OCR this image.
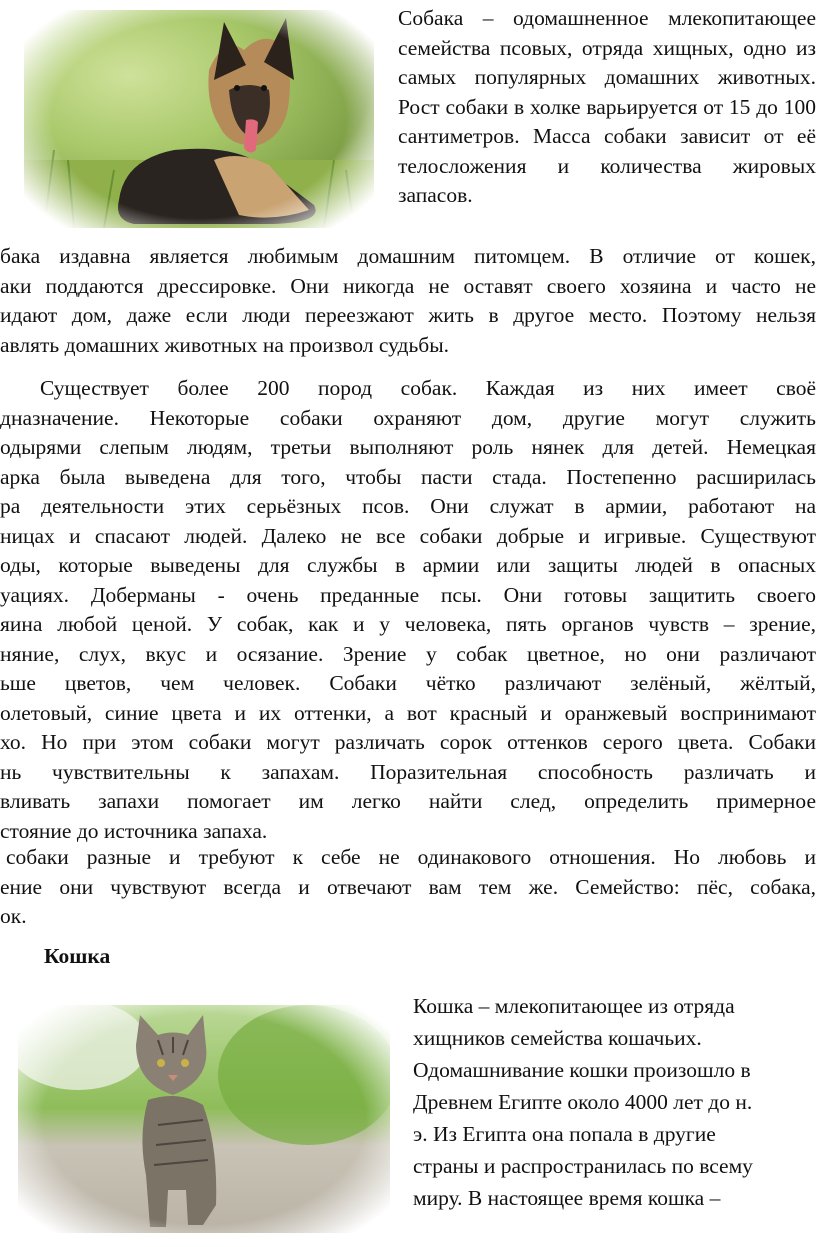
Собака – одомашненное млекопитающее семейства псовых, отряда хищных, одно из самых популярных домашних животных. Рост собаки в холке варьируется от 15 до 100 сантиметров. Масса собаки зависит от её телосложения и количества жировых запасов.

бака издавна является любимым домашним питомцем. В отличие от кошек,
аки поддаются дрессировке. Они никогда не оставят своего хозяина и часто не
идают дом, даже если люди переезжают жить в другое место. Поэтому нельзя
авлять домашних животных на произвол судьбы.
Существует более 200 пород собак. Каждая из них имеет своё
дназначение. Некоторые собаки охраняют дом, другие могут служить
одырями слепым людям, третьи выполняют роль нянек для детей. Немецкая
арка была выведена для того, чтобы пасти стада. Постепенно расширилась
ра деятельности этих серьёзных псов. Они служат в армии, работают на
ницах и спасают людей. Далеко не все собаки добрые и игривые. Существуют
оды, которые выведены для службы в армии или защиты людей в опасных
уациях. Доберманы - очень преданные псы. Они готовы защитить своего
яина любой ценой. У собак, как и у человека, пять органов чувств – зрение,
няние, слух, вкус и осязание. Зрение у собак цветное, но они различают
ьше цветов, чем человек. Собаки чётко различают зелёный, жёлтый,
олетовый, синие цвета и их оттенки, а вот красный и оранжевый воспринимают
хо. Но при этом собаки могут различать сорок оттенков серого цвета. Собаки
нь чувствительны к запахам. Поразительная способность различать и
вливать запахи помогает им легко найти след, определить примерное
стояние до источника запаха.
собаки разные и требуют к себе не одинакового отношения. Но любовь и
ение они чувствуют всегда и отвечают вам тем же. Семейство: пёс, собака,
ок.
Кошка
Кошка – млекопитающее из отряда
хищников семейства кошачьих.
Одомашнивание кошки произошло в
Древнем Египте около 4000 лет до н.
э. Из Египта она попала в другие
страны и распространилась по всему
миру. В настоящее время кошка –
